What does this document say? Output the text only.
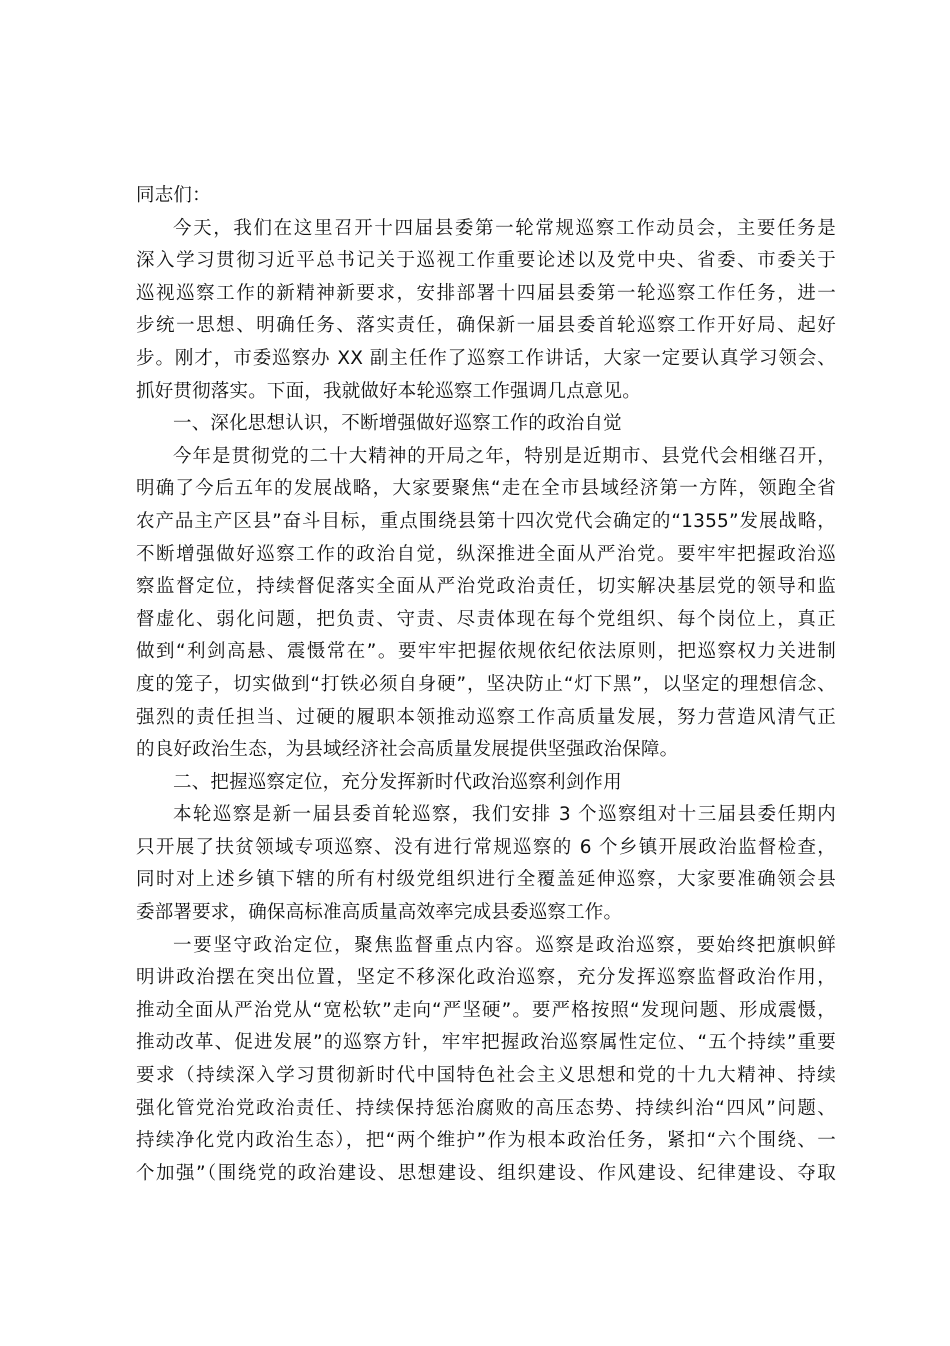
同志们：
今天，我们在这里召开十四届县委第一轮常规巡察工作动员会，主要任务是
深入学习贯彻习近平总书记关于巡视工作重要论述以及党中央、省委、市委关于
巡视巡察工作的新精神新要求，安排部署十四届县委第一轮巡察工作任务，进一
步统一思想、明确任务、落实责任，确保新一届县委首轮巡察工作开好局、起好
步。刚才，市委巡察办 XX 副主任作了巡察工作讲话，大家一定要认真学习领会、
抓好贯彻落实。下面，我就做好本轮巡察工作强调几点意见。
一、深化思想认识，不断增强做好巡察工作的政治自觉
今年是贯彻党的二十大精神的开局之年，特别是近期市、县党代会相继召开，
明确了今后五年的发展战略，大家要聚焦“走在全市县域经济第一方阵，领跑全省
农产品主产区县”奋斗目标，重点围绕县第十四次党代会确定的“1355”发展战略，
不断增强做好巡察工作的政治自觉，纵深推进全面从严治党。要牢牢把握政治巡
察监督定位，持续督促落实全面从严治党政治责任，切实解决基层党的领导和监
督虚化、弱化问题，把负责、守责、尽责体现在每个党组织、每个岗位上，真正
做到“利剑高悬、震慑常在”。要牢牢把握依规依纪依法原则，把巡察权力关进制
度的笼子，切实做到“打铁必须自身硬”，坚决防止“灯下黑”，以坚定的理想信念、
强烈的责任担当、过硬的履职本领推动巡察工作高质量发展，努力营造风清气正
的良好政治生态，为县域经济社会高质量发展提供坚强政治保障。
二、把握巡察定位，充分发挥新时代政治巡察利剑作用
本轮巡察是新一届县委首轮巡察，我们安排 3 个巡察组对十三届县委任期内
只开展了扶贫领域专项巡察、没有进行常规巡察的 6 个乡镇开展政治监督检查，
同时对上述乡镇下辖的所有村级党组织进行全覆盖延伸巡察，大家要准确领会县
委部署要求，确保高标准高质量高效率完成县委巡察工作。
一要坚守政治定位，聚焦监督重点内容。巡察是政治巡察，要始终把旗帜鲜
明讲政治摆在突出位置，坚定不移深化政治巡察，充分发挥巡察监督政治作用，
推动全面从严治党从“宽松软”走向“严坚硬”。要严格按照“发现问题、形成震慑，
推动改革、促进发展”的巡察方针，牢牢把握政治巡察属性定位、“五个持续”重要
要求（持续深入学习贯彻新时代中国特色社会主义思想和党的十九大精神、持续
强化管党治党政治责任、持续保持惩治腐败的高压态势、持续纠治“四风”问题、
持续净化党内政治生态），把“两个维护”作为根本政治任务，紧扣“六个围绕、一
个加强”（围绕党的政治建设、思想建设、组织建设、作风建设、纪律建设、夺取
